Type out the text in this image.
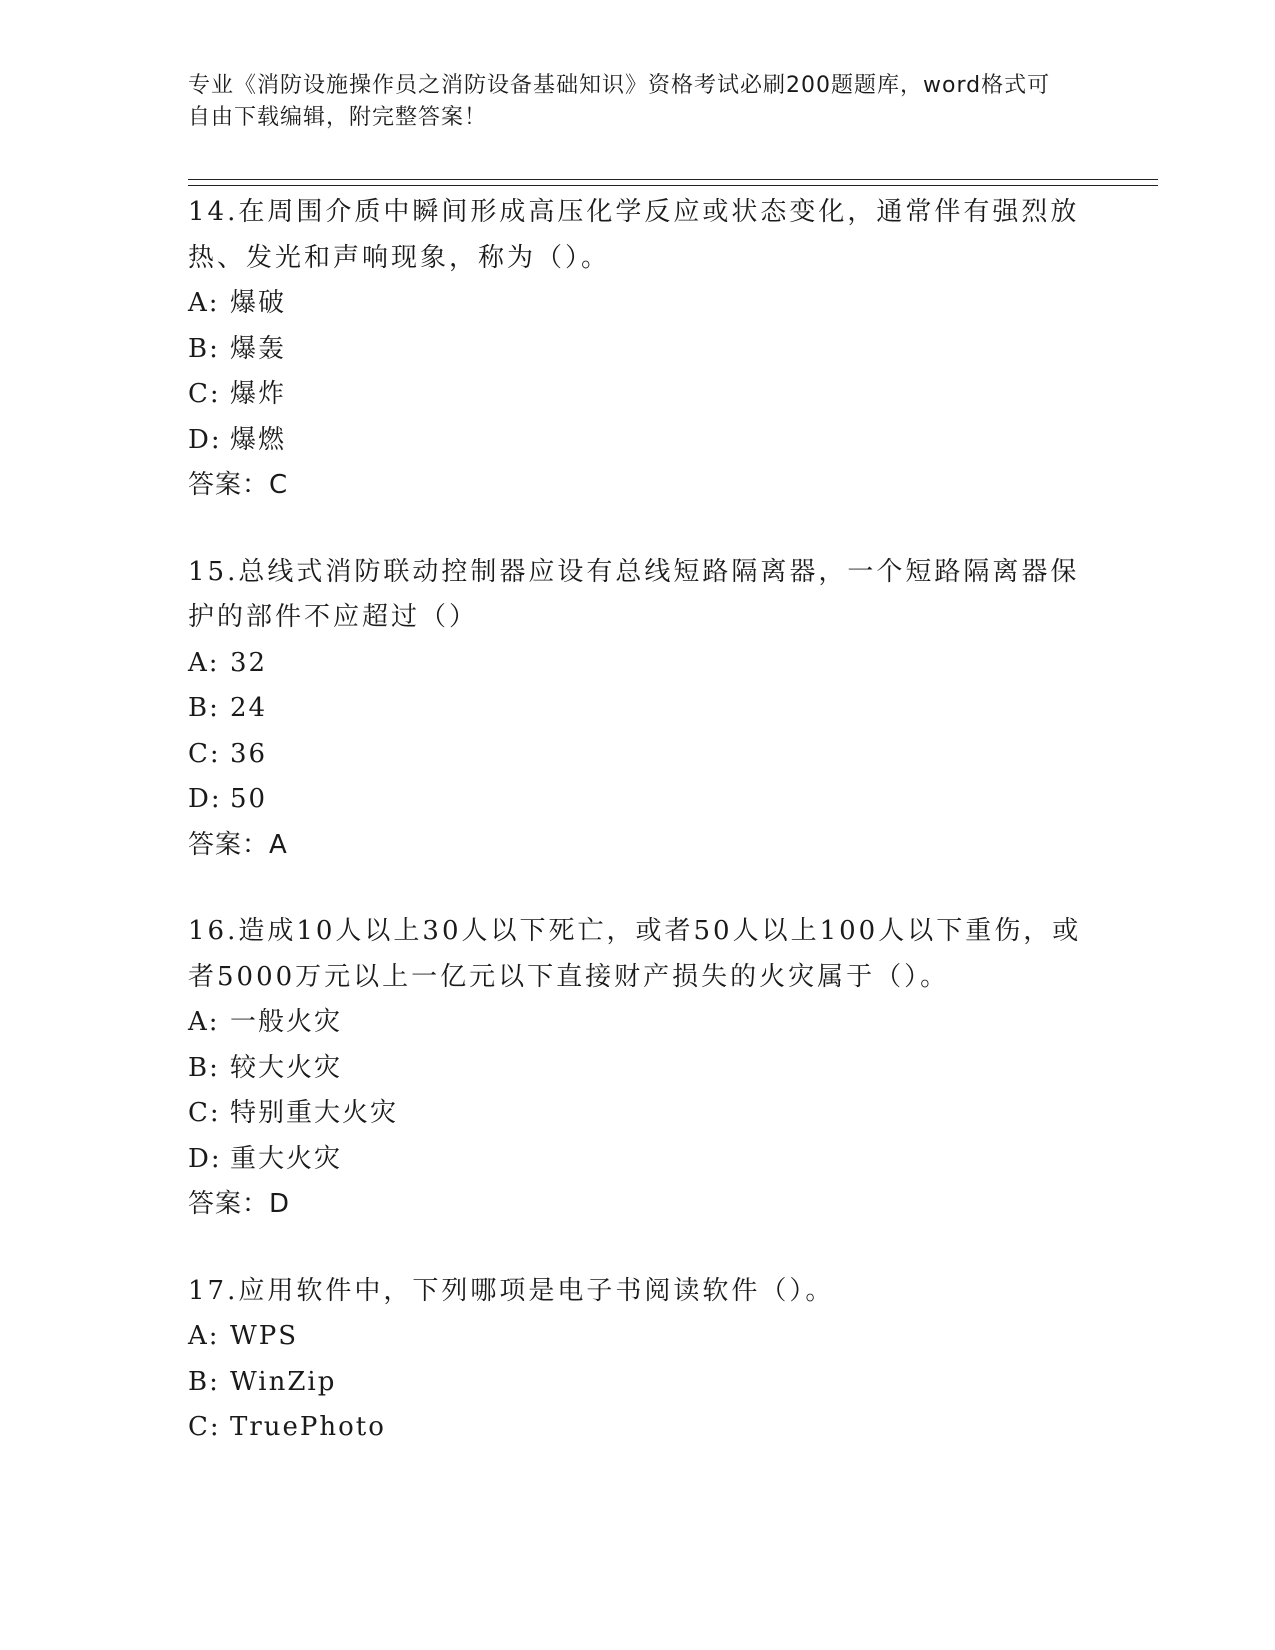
专业《消防设施操作员之消防设备基础知识》资格考试必刷200题题库，word格式可自由下载编辑，附完整答案！

14.在周围介质中瞬间形成高压化学反应或状态变化，通常伴有强烈放热、发光和声响现象，称为（）。

A: 爆破
B: 爆轰
C: 爆炸
D: 爆燃
答案：C

15.总线式消防联动控制器应设有总线短路隔离器，一个短路隔离器保护的部件不应超过（）

A: 32
B: 24
C: 36
D: 50
答案：A

16.造成10人以上30人以下死亡，或者50人以上100人以下重伤，或者5000万元以上一亿元以下直接财产损失的火灾属于（）。

A: 一般火灾
B: 较大火灾
C: 特别重大火灾
D: 重大火灾
答案：D

17.应用软件中，下列哪项是电子书阅读软件（）。

A: WPS
B: WinZip
C: TruePhoto
